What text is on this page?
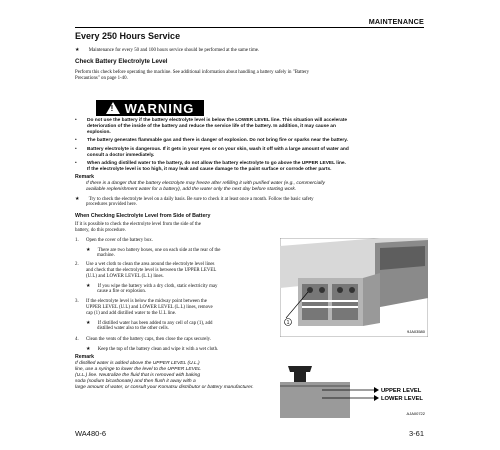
MAINTENANCE
Every 250 Hours Service
★ Maintenance for every 50 and 100 hours service should be performed at the same time.
Check Battery Electrolyte Level
Perform this check before operating the machine. See additional information about handling a battery safely in "Battery
Precautions" on page 1-40.
! WARNING
• Do not use the battery if the battery electrolyte level is below the LOWER LEVEL line. This situation will accelerate
deterioration of the inside of the battery and reduce the service life of the battery. In addition, it may cause an
explosion.
• The battery generates flammable gas and there is danger of explosion. Do not bring fire or sparks near the battery.
• Battery electrolyte is dangerous. If it gets in your eyes or on your skin, wash it off with a large amount of water and
consult a doctor immediately.
• When adding distilled water to the battery, do not allow the battery electrolyte to go above the UPPER LEVEL line.
If the electrolyte level is too high, it may leak and cause damage to the paint surface or corrode other parts.
Remark
If there is a danger that the battery electrolyte may freeze after refilling it with purified water (e.g., commercially
available replenishment water for a battery), add the water only the next day before starting work.
★ Try to check the electrolyte level on a daily basis. Be sure to check it at least once a month. Follow the basic safety
procedures provided here.
When Checking Electrolyte Level from Side of Battery
If it is possible to check the electrolyte level from the side of the
battery, do this procedure.
1. Open the cover of the battery box.
★ There are two battery boxes, one on each side at the rear of the
machine.
2. Use a wet cloth to clean the area around the electrolyte level lines
and check that the electrolyte level is between the UPPER LEVEL
(U.L) and LOWER LEVEL (L.L) lines.
★ If you wipe the battery with a dry cloth, static electricity may
cause a fire or explosion.
3. If the electrolyte level is below the midway point between the
UPPER LEVEL (U.L) and LOWER LEVEL (L.L) lines, remove
cap (1) and add distilled water to the U.L line.
★ If distilled water has been added to any cell of cap (1), add
distilled water also to the other cells.
4. Clean the vents of the battery caps, then close the caps securely.
★ Keep the top of the battery clean and wipe it with a wet cloth.
Remark
If distilled water is added above the UPPER LEVEL (U.L.)
line, use a syringe to lower the level to the UPPER LEVEL
(U.L.) line. Neutralize the fluid that is removed with baking
soda (sodium bicarbonate) and then flush it away with a
large amount of water, or consult your Komatsu distributor or battery manufacturer.
1
9JA03580
UPPER LEVEL
LOWER LEVEL
AJA00722
WA480-6	3-61
